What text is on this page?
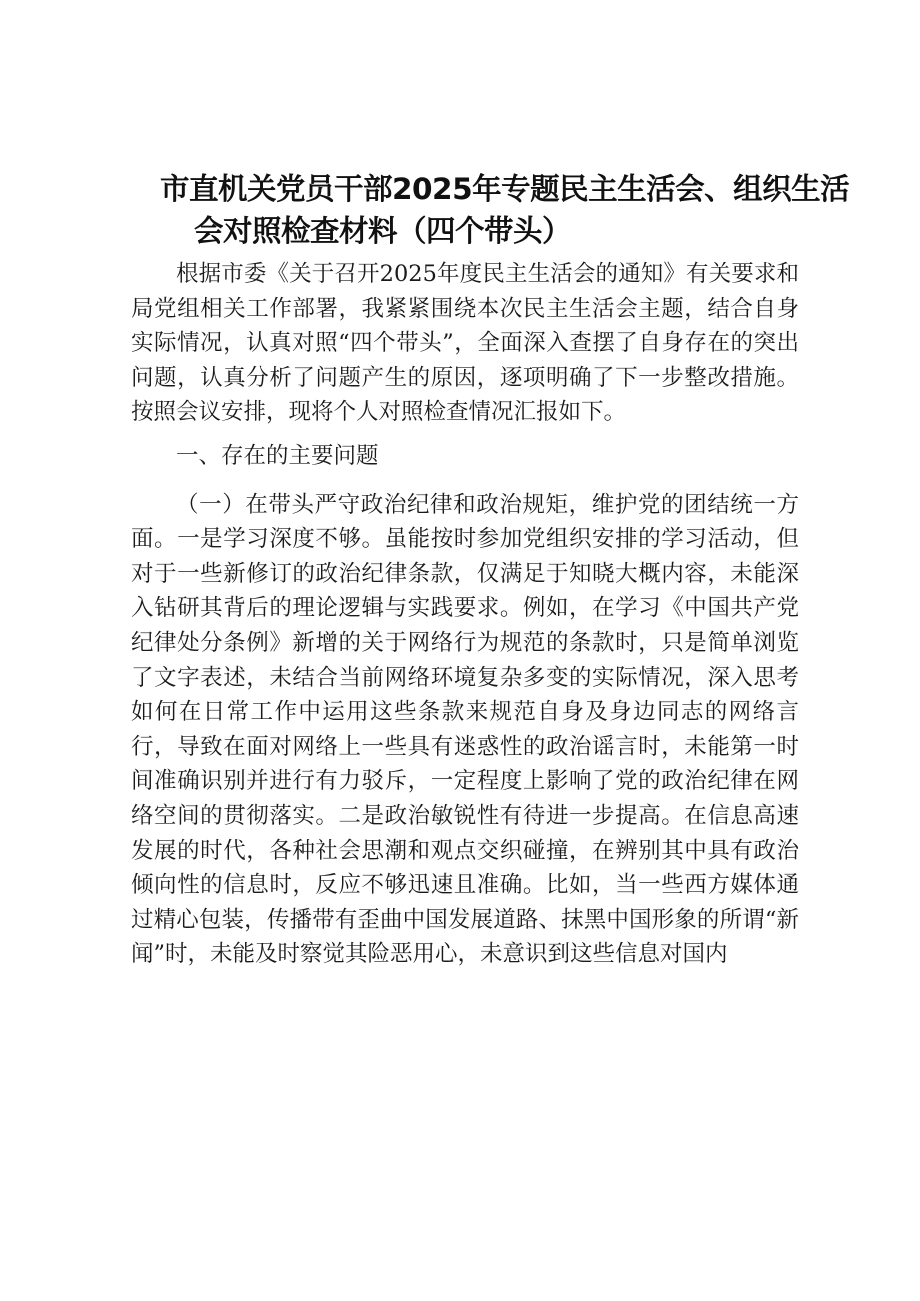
市直机关党员干部2025年专题民主生活会、组织生活
会对照检查材料（四个带头）

根据市委《关于召开2025年度民主生活会的通知》有关要求和局党组相关工作部署，我紧紧围绕本次民主生活会主题，结合自身实际情况，认真对照“四个带头”，全面深入查摆了自身存在的突出问题，认真分析了问题产生的原因，逐项明确了下一步整改措施。按照会议安排，现将个人对照检查情况汇报如下。

一、存在的主要问题

（一）在带头严守政治纪律和政治规矩，维护党的团结统一方面。一是学习深度不够。虽能按时参加党组织安排的学习活动，但对于一些新修订的政治纪律条款，仅满足于知晓大概内容，未能深入钻研其背后的理论逻辑与实践要求。例如，在学习《中国共产党纪律处分条例》新增的关于网络行为规范的条款时，只是简单浏览了文字表述，未结合当前网络环境复杂多变的实际情况，深入思考如何在日常工作中运用这些条款来规范自身及身边同志的网络言行，导致在面对网络上一些具有迷惑性的政治谣言时，未能第一时间准确识别并进行有力驳斥，一定程度上影响了党的政治纪律在网络空间的贯彻落实。二是政治敏锐性有待进一步提高。在信息高速发展的时代，各种社会思潮和观点交织碰撞，在辨别其中具有政治倾向性的信息时，反应不够迅速且准确。比如，当一些西方媒体通过精心包装，传播带有歪曲中国发展道路、抹黑中国形象的所谓“新闻”时，未能及时察觉其险恶用心，未意识到这些信息对国内
